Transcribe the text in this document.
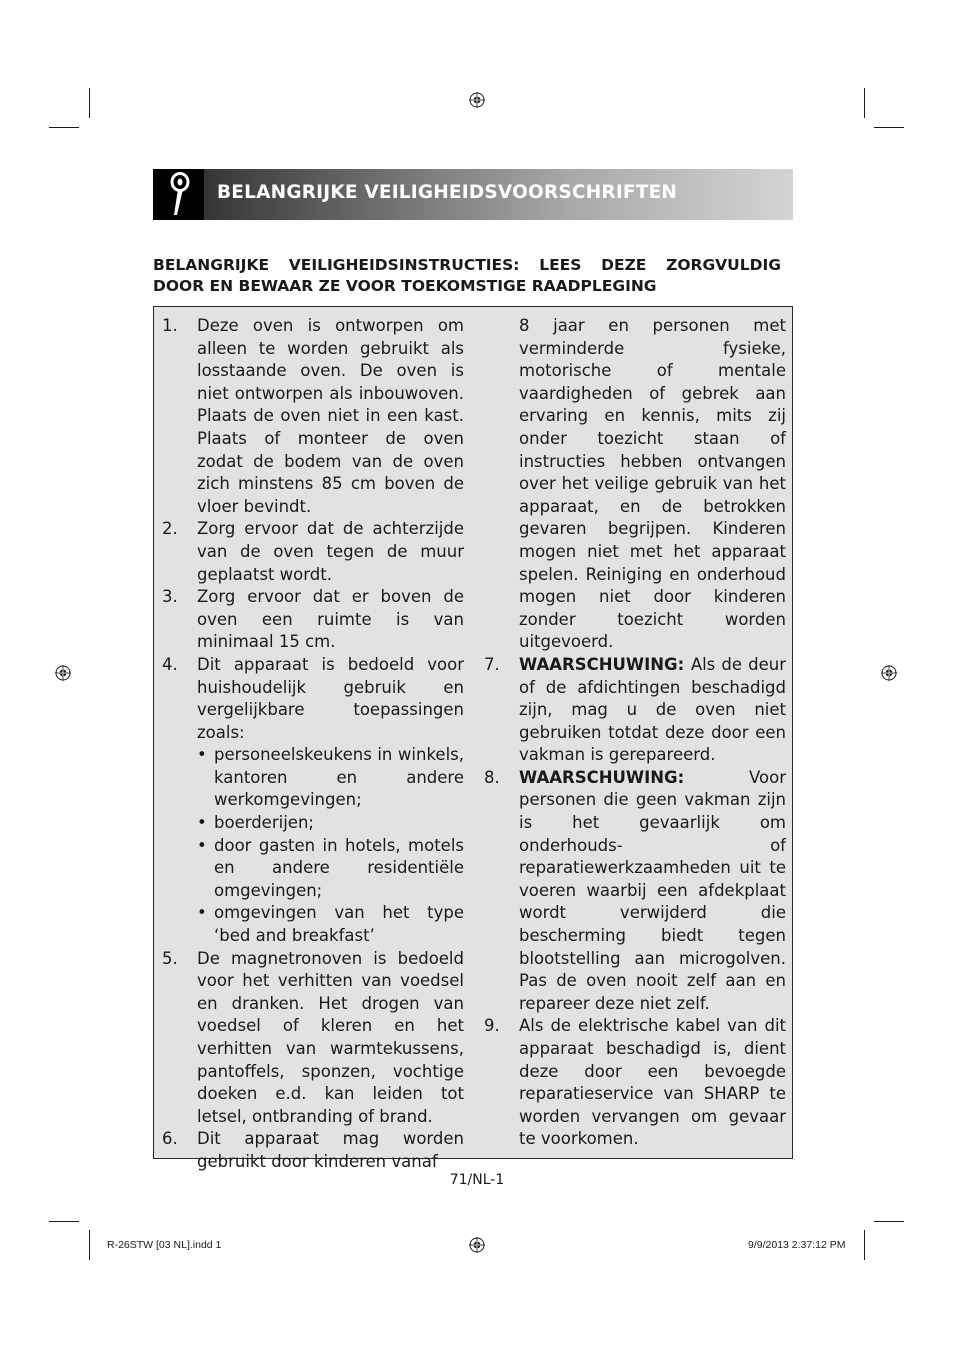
BELANGRIJKE VEILIGHEIDSVOORSCHRIFTEN
BELANGRIJKE VEILIGHEIDSINSTRUCTIES: LEES DEZE ZORGVULDIG
DOOR EN BEWAAR ZE VOOR TOEKOMSTIGE RAADPLEGING
1. Deze oven is ontworpen om alleen te worden gebruikt als losstaande oven. De oven is niet ontworpen als inbouwoven. Plaats de oven niet in een kast. Plaats of monteer de oven zodat de bodem van de oven zich minstens 85 cm boven de vloer bevindt.
2. Zorg ervoor dat de achterzijde van de oven tegen de muur geplaatst wordt.
3. Zorg ervoor dat er boven de oven een ruimte is van minimaal 15 cm.
4. Dit apparaat is bedoeld voor huishoudelijk gebruik en vergelijkbare toepassingen zoals:
• personeelskeukens in winkels, kantoren en andere werkomgevingen;
• boerderijen;
• door gasten in hotels, motels en andere residentiële omgevingen;
• omgevingen van het type ‘bed and breakfast’
5. De magnetronoven is bedoeld voor het verhitten van voedsel en dranken. Het drogen van voedsel of kleren en het verhitten van warmtekussens, pantoffels, sponzen, vochtige doeken e.d. kan leiden tot letsel, ontbranding of brand.
6. Dit apparaat mag worden gebruikt door kinderen vanaf
8 jaar en personen met verminderde fysieke, motorische of mentale vaardigheden of gebrek aan ervaring en kennis, mits zij onder toezicht staan of instructies hebben ontvangen over het veilige gebruik van het apparaat, en de betrokken gevaren begrijpen. Kinderen mogen niet met het apparaat spelen. Reiniging en onderhoud mogen niet door kinderen zonder toezicht worden uitgevoerd.
7. WAARSCHUWING: Als de deur of de afdichtingen beschadigd zijn, mag u de oven niet gebruiken totdat deze door een vakman is gerepareerd.
8. WAARSCHUWING: Voor personen die geen vakman zijn is het gevaarlijk om onderhouds- of reparatiewerkzaamheden uit te voeren waarbij een afdekplaat wordt verwijderd die bescherming biedt tegen blootstelling aan microgolven. Pas de oven nooit zelf aan en repareer deze niet zelf.
9. Als de elektrische kabel van dit apparaat beschadigd is, dient deze door een bevoegde reparatieservice van SHARP te worden vervangen om gevaar te voorkomen.
71/NL-1
R-26STW [03 NL].indd 1	9/9/2013 2:37:12 PM
